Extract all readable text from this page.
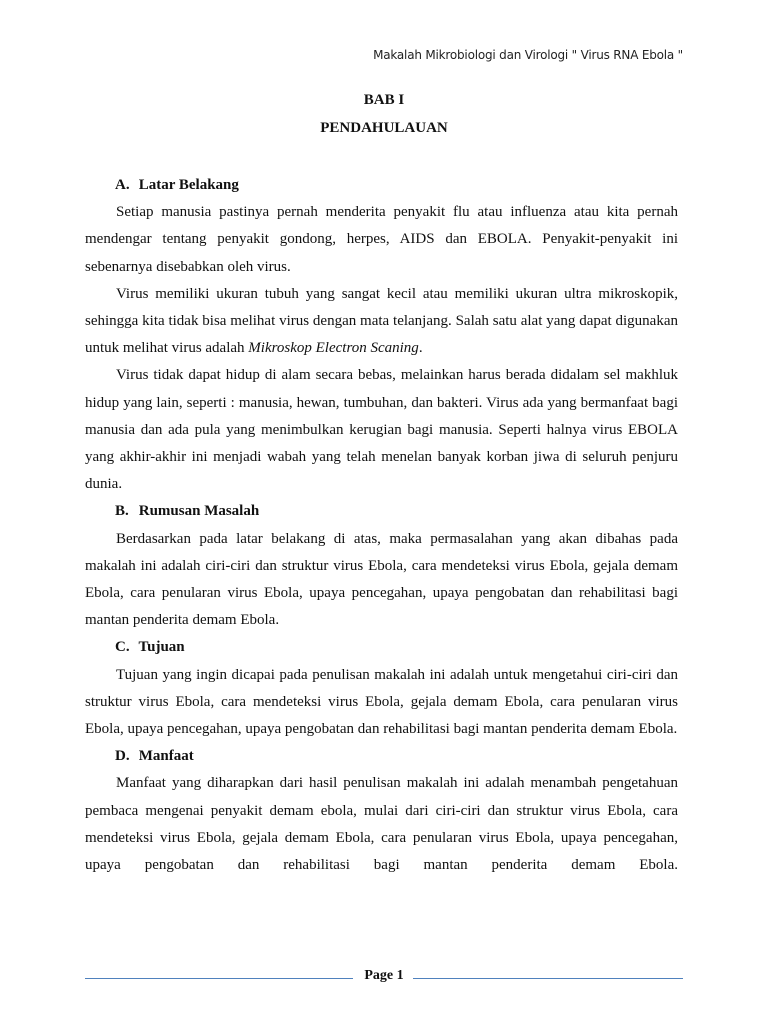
Makalah Mikrobiologi dan Virologi " Virus RNA Ebola "
BAB I
PENDAHULAUAN

A. Latar Belakang

Setiap manusia pastinya pernah menderita penyakit flu atau influenza atau kita pernah mendengar tentang penyakit gondong, herpes, AIDS dan EBOLA. Penyakit-penyakit ini sebenarnya disebabkan oleh virus.

Virus memiliki ukuran tubuh yang sangat kecil atau memiliki ukuran ultra mikroskopik, sehingga kita tidak bisa melihat virus dengan mata telanjang. Salah satu alat yang dapat digunakan untuk melihat virus adalah Mikroskop Electron Scaning.

Virus tidak dapat hidup di alam secara bebas, melainkan harus berada didalam sel makhluk hidup yang lain, seperti : manusia, hewan, tumbuhan, dan bakteri. Virus ada yang bermanfaat bagi manusia dan ada pula yang menimbulkan kerugian bagi manusia. Seperti halnya virus EBOLA yang akhir-akhir ini menjadi wabah yang telah menelan banyak korban jiwa di seluruh penjuru dunia.

B. Rumusan Masalah

Berdasarkan pada latar belakang di atas, maka permasalahan yang akan dibahas pada makalah ini adalah ciri-ciri dan struktur virus Ebola, cara mendeteksi virus Ebola, gejala demam Ebola, cara penularan virus Ebola, upaya pencegahan, upaya pengobatan dan rehabilitasi bagi mantan penderita demam Ebola.

C. Tujuan

Tujuan yang ingin dicapai pada penulisan makalah ini adalah untuk mengetahui ciri-ciri dan struktur virus Ebola, cara mendeteksi virus Ebola, gejala demam Ebola, cara penularan virus Ebola, upaya pencegahan, upaya pengobatan dan rehabilitasi bagi mantan penderita demam Ebola.

D. Manfaat

Manfaat yang diharapkan dari hasil penulisan makalah ini adalah menambah pengetahuan pembaca mengenai penyakit demam ebola, mulai dari ciri-ciri dan struktur virus Ebola, cara mendeteksi virus Ebola, gejala demam Ebola, cara penularan virus Ebola, upaya pencegahan, upaya pengobatan dan rehabilitasi bagi mantan penderita demam Ebola.

Page 1
